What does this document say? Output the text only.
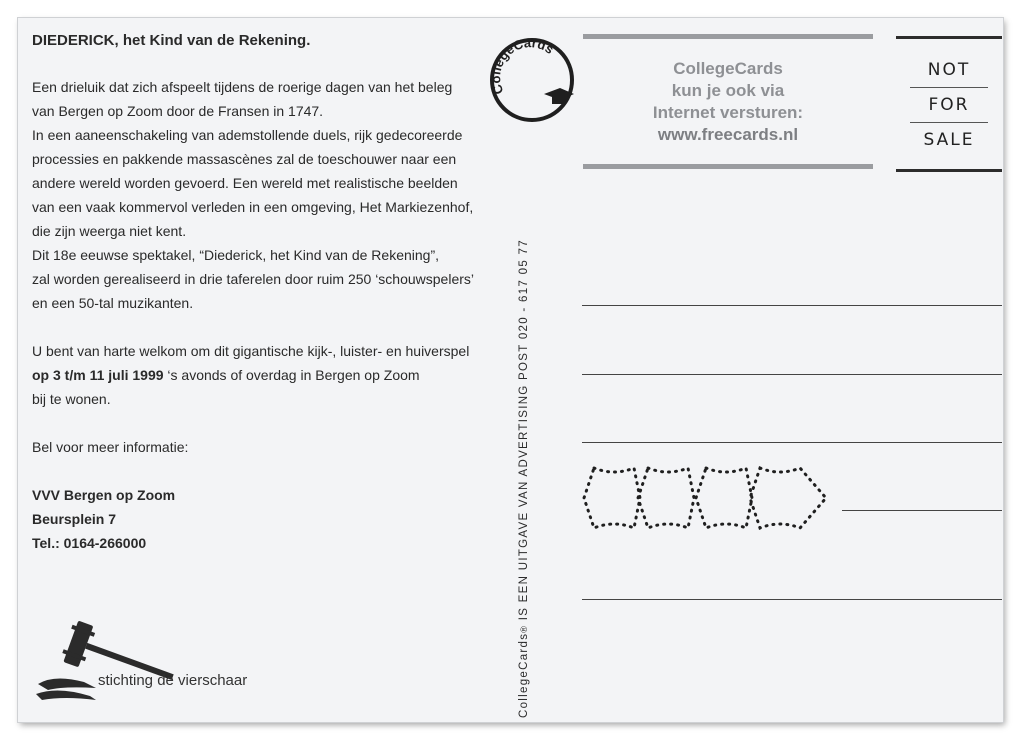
DIEDERICK, het Kind van de Rekening.

Een drieluik dat zich afspeelt tijdens de roerige dagen van het beleg

van Bergen op Zoom door de Fransen in 1747.

In een aaneenschakeling van ademstollende duels, rijk gedecoreerde

processies en pakkende massascènes zal de toeschouwer naar een

andere wereld worden gevoerd. Een wereld met realistische beelden

van een vaak kommervol verleden in een omgeving, Het Markiezenhof,

die zijn weerga niet kent.

Dit 18e eeuwse spektakel, “Diederick, het Kind van de Rekening”,

zal worden gerealiseerd in drie taferelen door ruim 250 ‘schouwspelers’

en een 50-tal muzikanten.

U bent van harte welkom om dit gigantische kijk-, luister- en huiverspel

op 3 t/m 11 juli 1999 ‘s avonds of overdag in Bergen op Zoom

bij te wonen.

Bel voor meer informatie:

VVV Bergen op Zoom

Beursplein 7

Tel.: 0164-266000

stichting de vierschaar
CollegeCards
CollegeCards® IS EEN UITGAVE VAN ADVERTISING POST 020 - 617 05 77
CollegeCards
kun je ook via
Internet versturen:
www.freecards.nl
NOT
FOR
SALE
